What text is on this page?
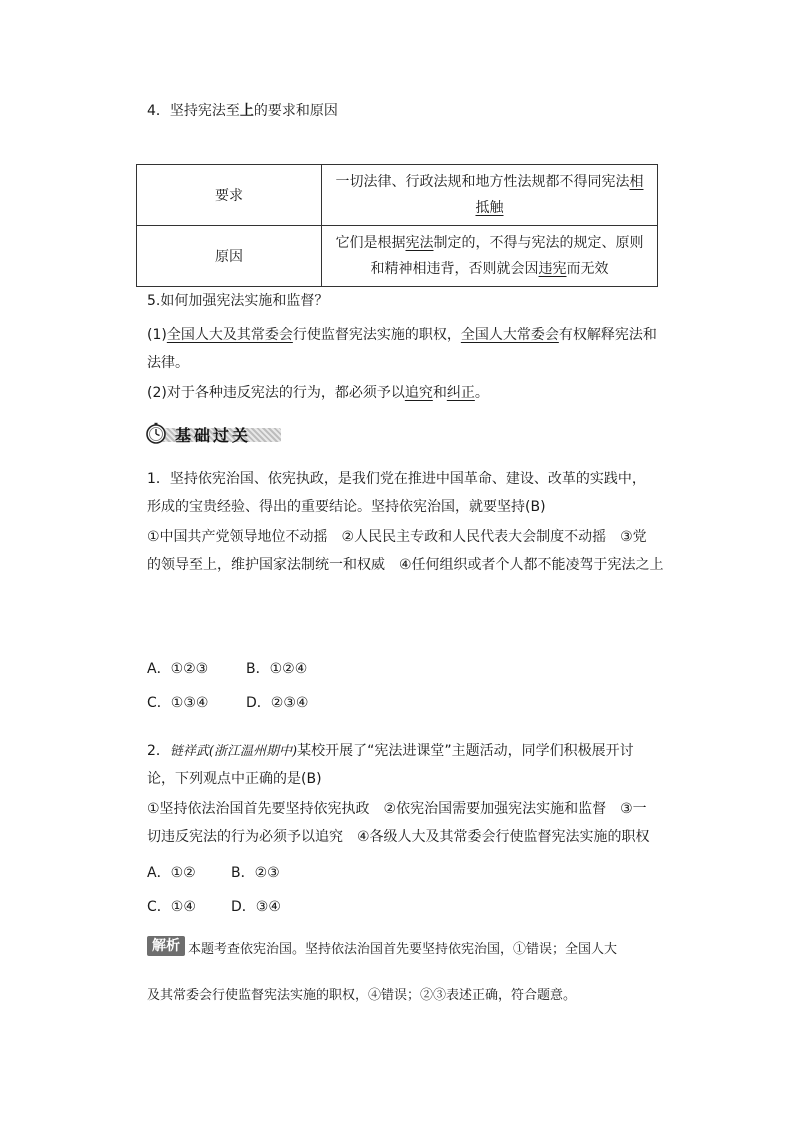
4．坚持宪法至上的要求和原因
要求	一切法律、行政法规和地方性法规都不得同宪法相
抵触
原因	它们是根据宪法制定的，不得与宪法的规定、原则
和精神相违背，否则就会因违宪而无效
5.如何加强宪法实施和监督？
(1)全国人大及其常委会行使监督宪法实施的职权，全国人大常委会有权解释宪法和
法律。
(2)对于各种违反宪法的行为，都必须予以追究和纠正。
基础过关
1．坚持依宪治国、依宪执政，是我们党在推进中国革命、建设、改革的实践中，
形成的宝贵经验、得出的重要结论。坚持依宪治国，就要坚持(B)
①中国共产党领导地位不动摇　②人民民主专政和人民代表大会制度不动摇　③党
的领导至上，维护国家法制统一和权威　④任何组织或者个人都不能凌驾于宪法之上
A．①②③	B．①②④
C．①③④	D．②③④
2．链祥武(浙江温州期中)某校开展了“宪法进课堂”主题活动，同学们积极展开讨
论，下列观点中正确的是(B)
①坚持依法治国首先要坚持依宪执政　②依宪治国需要加强宪法实施和监督　③一
切违反宪法的行为必须予以追究　④各级人大及其常委会行使监督宪法实施的职权
A．①②	B．②③
C．①④	D．③④
解析 本题考查依宪治国。坚持依法治国首先要坚持依宪治国，①错误；全国人大
及其常委会行使监督宪法实施的职权，④错误；②③表述正确，符合题意。
